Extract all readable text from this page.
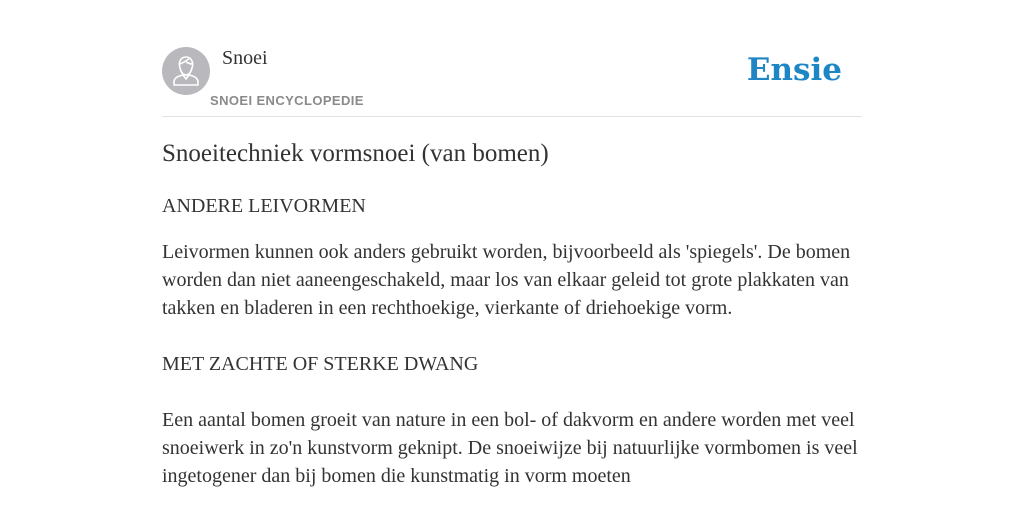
Snoei
SNOEI ENCYCLOPEDIE
Ensie
Snoeitechniek vormsnoei (van bomen)
ANDERE LEIVORMEN

Leivormen kunnen ook anders gebruikt worden, bijvoorbeeld als 'spiegels'. De bomen worden dan niet aaneengeschakeld, maar los van elkaar geleid tot grote plakkaten van takken en bladeren in een rechthoekige, vierkante of driehoekige vorm.

MET ZACHTE OF STERKE DWANG

Een aantal bomen groeit van nature in een bol- of dakvorm en andere worden met veel snoeiwerk in zo'n kunstvorm geknipt. De snoeiwijze bij natuurlijke vormbomen is veel ingetogener dan bij bomen die kunstmatig in vorm moeten
